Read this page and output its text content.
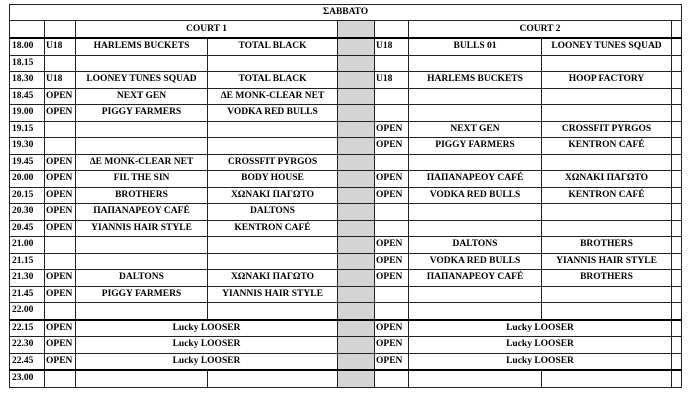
ΣΑΒΒΑΤΟ								
		COURT 1				COURT 2		
18.00	U18	HARLEMS BUCKETS	TOTAL BLACK		U18	BULLS 01	LOONEY TUNES SQUAD	
18.15								
18.30	U18	LOONEY TUNES SQUAD	TOTAL BLACK		U18	HARLEMS BUCKETS	HOOP FACTORY	
18.45	OPEN	NEXT GEN	ΔΕ MONK-CLEAR NET					
19.00	OPEN	PIGGY FARMERS	VODKA RED BULLS					
19.15					OPEN	NEXT GEN	CROSSFIT PYRGOS	
19.30					OPEN	PIGGY FARMERS	KENTRON CAFÉ	
19.45	OPEN	ΔΕ MONK-CLEAR NET	CROSSFIT PYRGOS					
20.00	OPEN	FIL THE SIN	BODY HOUSE		OPEN	ΠΑΠΑΝΑΡΕΟΥ CAFÉ	ΧΩΝΑΚΙ ΠΑΓΩΤΟ	
20.15	OPEN	BROTHERS	ΧΩΝΑΚΙ ΠΑΓΩΤΟ		OPEN	VODKA RED BULLS	KENTRON CAFÉ	
20.30	OPEN	ΠΑΠΑΝΑΡΕΟΥ CAFÉ	DALTONS					
20.45	OPEN	YIANNIS HAIR STYLE	KENTRON CAFÉ					
21.00					OPEN	DALTONS	BROTHERS	
21.15					OPEN	VODKA RED BULLS	YIANNIS HAIR STYLE	
21.30	OPEN	DALTONS	ΧΩΝΑΚΙ ΠΑΓΩΤΟ		OPEN	ΠΑΠΑΝΑΡΕΟΥ CAFÉ	BROTHERS	
21.45	OPEN	PIGGY FARMERS	YIANNIS HAIR STYLE					
22.00								
22.15	OPEN	Lucky LOOSER			OPEN	Lucky LOOSER		
22.30	OPEN	Lucky LOOSER			OPEN	Lucky LOOSER		
22.45	OPEN	Lucky LOOSER			OPEN	Lucky LOOSER		
23.00								
